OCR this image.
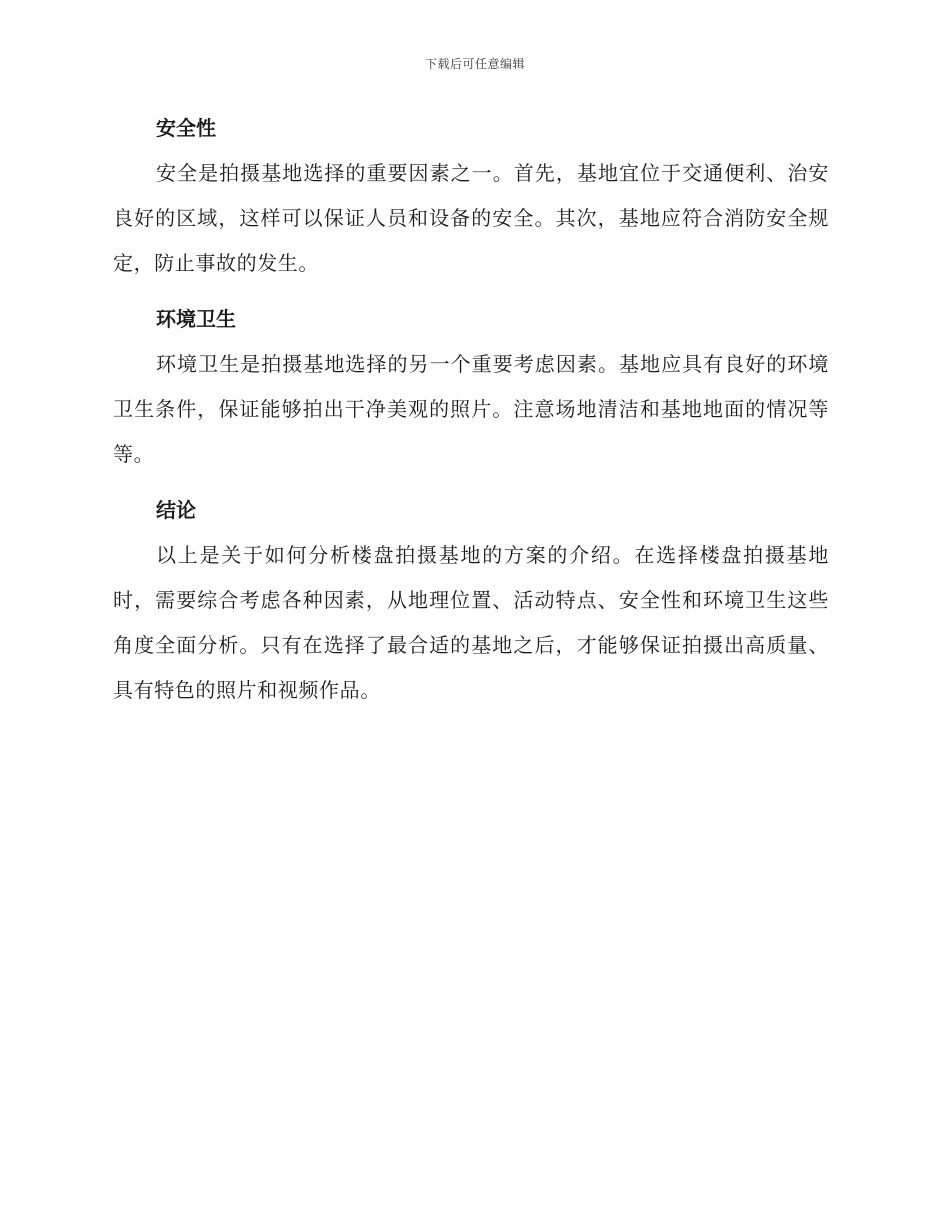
下载后可任意编辑
安全性

安全是拍摄基地选择的重要因素之一。首先，基地宜位于交通便利、治安良好的区域，这样可以保证人员和设备的安全。其次，基地应符合消防安全规定，防止事故的发生。

环境卫生

环境卫生是拍摄基地选择的另一个重要考虑因素。基地应具有良好的环境卫生条件，保证能够拍出干净美观的照片。注意场地清洁和基地地面的情况等等。

结论

以上是关于如何分析楼盘拍摄基地的方案的介绍。在选择楼盘拍摄基地时，需要综合考虑各种因素，从地理位置、活动特点、安全性和环境卫生这些角度全面分析。只有在选择了最合适的基地之后，才能够保证拍摄出高质量、具有特色的照片和视频作品。
